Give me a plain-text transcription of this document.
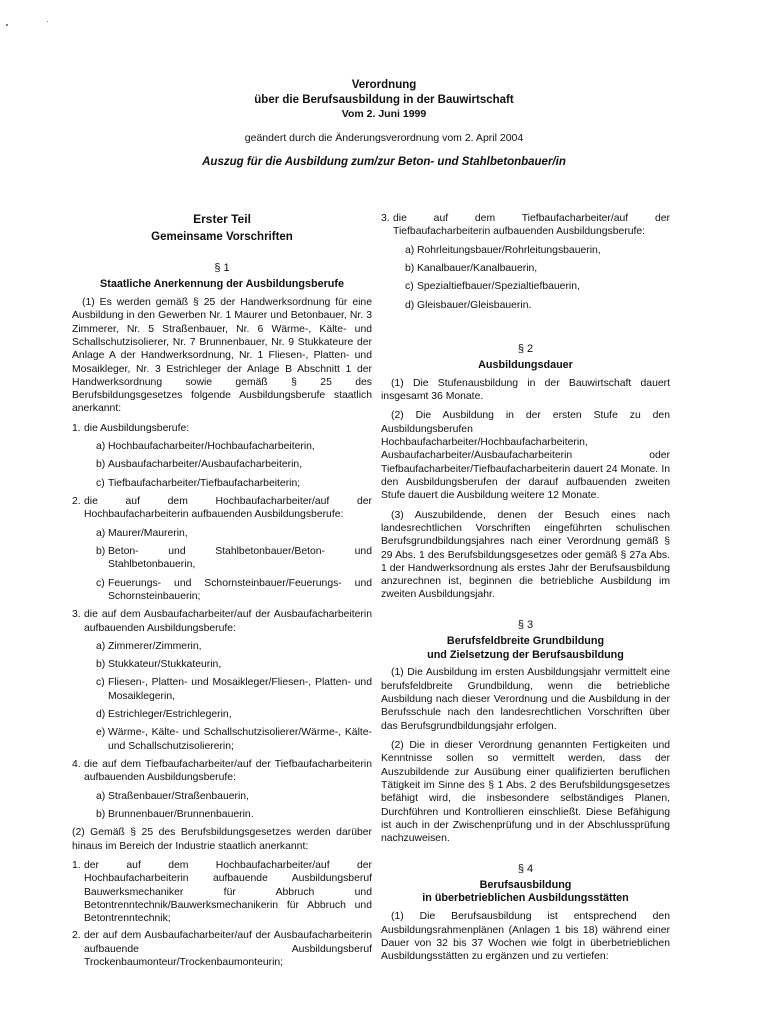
Verordnung
über die Berufsausbildung in der Bauwirtschaft
Vom 2. Juni 1999
geändert durch die Änderungsverordnung vom 2. April 2004
Auszug für die Ausbildung zum/zur Beton- und Stahlbetonbauer/in
Erster Teil
Gemeinsame Vorschriften
§ 1
Staatliche Anerkennung der Ausbildungsberufe
(1) Es werden gemäß § 25 der Handwerksordnung für eine Ausbildung in den Gewerben Nr. 1 Maurer und Betonbauer, Nr. 3 Zimmerer, Nr. 5 Straßenbauer, Nr. 6 Wärme-, Kälte- und Schallschutzisolierer, Nr. 7 Brunnenbauer, Nr. 9 Stukkateure der Anlage A der Handwerksordnung, Nr. 1 Fliesen-, Platten- und Mosaikleger, Nr. 3 Estrichleger der Anlage B Abschnitt 1 der Handwerksordnung sowie gemäß § 25 des Berufsbildungsgesetzes folgende Ausbildungsberufe staatlich anerkannt:
1. die Ausbildungsberufe:
a) Hochbaufacharbeiter/Hochbaufacharbeiterin,
b) Ausbaufacharbeiter/Ausbaufacharbeiterin,
c) Tiefbaufacharbeiter/Tiefbaufacharbeiterin;
2. die auf dem Hochbaufacharbeiter/auf der Hochbaufacharbeiterin aufbauenden Ausbildungsberufe:
a) Maurer/Maurerin,
b) Beton- und Stahlbetonbauer/Beton- und Stahlbetonbauerin,
c) Feuerungs- und Schornsteinbauer/Feuerungs- und Schornsteinbauerin;
3. die auf dem Ausbaufacharbeiter/auf der Ausbaufacharbeiterin aufbauenden Ausbildungsberufe:
a) Zimmerer/Zimmerin,
b) Stukkateur/Stukkateurin,
c) Fliesen-, Platten- und Mosaikleger/Fliesen-, Platten- und Mosaiklegerin,
d) Estrichleger/Estrichlegerin,
e) Wärme-, Kälte- und Schallschutzisolierer/Wärme-, Kälte- und Schallschutzisoliererin;
4. die auf dem Tiefbaufacharbeiter/auf der Tiefbaufacharbeiterin aufbauenden Ausbildungsberufe:
a) Straßenbauer/Straßenbauerin,
b) Brunnenbauer/Brunnenbauerin.
(2) Gemäß § 25 des Berufsbildungsgesetzes werden darüber hinaus im Bereich der Industrie staatlich anerkannt:
1. der auf dem Hochbaufacharbeiter/auf der Hochbaufacharbeiterin aufbauende Ausbildungsberuf Bauwerksmechaniker für Abbruch und Betontrenntechnik/Bauwerksmechanikerin für Abbruch und Betontrenntechnik;
2. der auf dem Ausbaufacharbeiter/auf der Ausbaufacharbeiterin aufbauende Ausbildungsberuf Trockenbaumonteur/Trockenbaumonteurin;
3. die auf dem Tiefbaufacharbeiter/auf der Tiefbaufacharbeiterin aufbauenden Ausbildungsberufe:
a) Rohrleitungsbauer/Rohrleitungsbauerin,
b) Kanalbauer/Kanalbauerin,
c) Spezialtiefbauer/Spezialtiefbauerin,
d) Gleisbauer/Gleisbauerin.
§ 2
Ausbildungsdauer
(1) Die Stufenausbildung in der Bauwirtschaft dauert insgesamt 36 Monate.
(2) Die Ausbildung in der ersten Stufe zu den Ausbildungsberufen Hochbaufacharbeiter/Hochbaufacharbeiterin, Ausbaufacharbeiter/Ausbaufacharbeiterin oder Tiefbaufacharbeiter/Tiefbaufacharbeiterin dauert 24 Monate. In den Ausbildungsberufen der darauf aufbauenden zweiten Stufe dauert die Ausbildung weitere 12 Monate.
(3) Auszubildende, denen der Besuch eines nach landesrechtlichen Vorschriften eingeführten schulischen Berufsgrundbildungsjahres nach einer Verordnung gemäß § 29 Abs. 1 des Berufsbildungsgesetzes oder gemäß § 27a Abs. 1 der Handwerksordnung als erstes Jahr der Berufsausbildung anzurechnen ist, beginnen die betriebliche Ausbildung im zweiten Ausbildungsjahr.
§ 3
Berufsfeldbreite Grundbildung
und Zielsetzung der Berufsausbildung
(1) Die Ausbildung im ersten Ausbildungsjahr vermittelt eine berufsfeldbreite Grundbildung, wenn die betriebliche Ausbildung nach dieser Verordnung und die Ausbildung in der Berufsschule nach den landesrechtlichen Vorschriften über das Berufsgrundbildungsjahr erfolgen.
(2) Die in dieser Verordnung genannten Fertigkeiten und Kenntnisse sollen so vermittelt werden, dass der Auszubildende zur Ausübung einer qualifizierten beruflichen Tätigkeit im Sinne des § 1 Abs. 2 des Berufsbildungsgesetzes befähigt wird, die insbesondere selbständiges Planen, Durchführen und Kontrollieren einschließt. Diese Befähigung ist auch in der Zwischenprüfung und in der Abschlussprüfung nachzuweisen.
§ 4
Berufsausbildung
in überbetrieblichen Ausbildungsstätten
(1) Die Berufsausbildung ist entsprechend den Ausbildungsrahmenplänen (Anlagen 1 bis 18) während einer Dauer von 32 bis 37 Wochen wie folgt in überbetrieblichen Ausbildungsstätten zu ergänzen und zu vertiefen:
